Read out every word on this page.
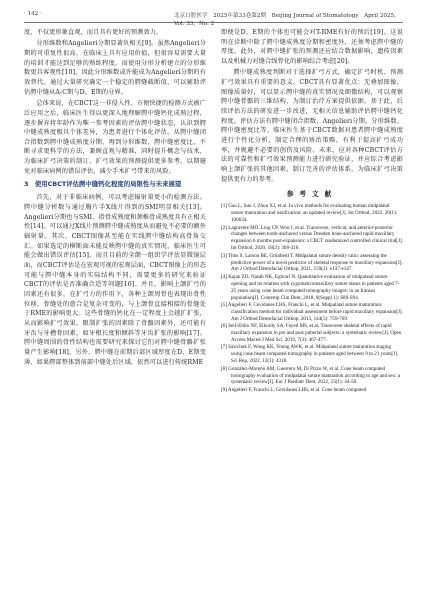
· 142 ·	北京口腔医学　2025年第33卷第2期　Beijing Journal of Stomatology　April 2025，Vol. 33，No. 2

度，不仅更形象直观，而且具有更好的预测效力。

分形维数和Angelieri分期显著负相关[9]。虽然Angelieri分期的可重复性很高，在临床上具有应用价值，但很容易需要大量的培训才能达到足够的熟练程度。而使用分形分析建立的分形维数更具客观性[10]，因此分形维数或许能成为Angelieri分期的有效替代。通过大量研究确定一个稳定的腭缝截断值，可以辅助评估腭中缝从A-C期与D、E期的分界。

总体来说，在CBCT这一非侵入性、方便快捷的检测方式被广泛应用之后，临床医生得以更深入地理解腭中缝钙化成熟过程，逐步摒弃将年龄作为唯一参考因素的评估腭中缝状态，认识到腭中缝成熟度极具个体差异，为患者进行个体化评估。从腭中缝闭合指数到腭中缝成熟度分期、再到分形维数，腭中缝密度比，不断寻求更科学的方法，兼顾直观与精准，同时提升概念与技术，为临床扩弓决策的制订、扩弓效果的预测提供更多参考。以期避免对临床病例的错误评估，减少手术扩弓带来的风险。

3　使用CBCT评估腭中缝钙化程度的局限性与未来展望

首先，对于非临床病例，可以考虑辐射量更小的检测方法。腭中缝分析数与通过胸片手X线片得到的SMI明显相关[13]。Angelieri分期也与SMI、指骨成熟度和颈椎骨成熟度具有正相关性[14]。可以通过X线片预测腭中缝成熟度从而避免不必要的额外辐射量。其次，CBCT图像甚至能在实线腭中缝结构高骨角交汇。如果选定的横断面未能反映腭中缝的真实情况，临床医生可能会做出错误评估[15]。而且目前的全颌一组织学评估显微镜层面，而CBCT评估是在宏观可视的宏观层面，CBCT图像上的形态可能与腭中缝本身的实际结构不同，需要更多的研究来验证CBCT的评估是否准确合适等问题[16]。并且，影响上颌扩弓的因素还有很多，在扩弓力的作用下，各种上颌周骨也表现出骨性位移，骨缝处的愈合是复杂可变的，与上颌骨直接相接的骨缝处于RME的影响更大。这些骨缝的钙化在一定程度上会越扩扩张，从而影响扩弓效果。限制扩张的因素除了骨骼因素外，还可能有牙齿与牙槽骨因素，如牙根长度和倾斜等牙齿扩张的影响[17]。腭中缝周围的骨性结构也需要研究来探讨它们对腭中缝骨骼扩张量产生影响[18]，另外，腭中缝在前期后部区域厚度在D、E期变薄，如果腭部整体到前部中缝处后区域，依然可以进行传统RME

即便是D、E期的个体也可能会对T-RME有好的预后[19]。这说明在诊断中除了腭中缝成熟度分期和密度外，还须考虑腭中缝的厚度。此外，对腭中缝扩张的预测还应结合数据影响，遗传因素以及机械力对缝合线骨化的影响综合考虑[20]。

腭中缝成熟度判断对于选择扩弓方式，确定扩弓时机、预测扩弓效果具有重要的意义。CBCT具有显著优点：无叠加图像，图像质量好，可以显示腭中缝的真实情况及细微结构，可以观察腭中缝骨骼的三维结构，为制订治疗方案提供依据。基于此，后续评估方法的研发进一步改进，无相关信息辅助评估腭中缝钙化程度。评估方法有腭中缝闭合指数、Angelieri分期、分形维数、腭中缝密度比等。临床医生基于CBCT数据对患者腭中缝成熟度进行个性化分析，制定合理的矫治策略，有利于提高扩弓成功率，并规避不必要的创伤及风险。未来，应对各种CBCT评估方法的可靠性和扩弓效果预测能力进行研究验证，并应综合考虑影响上颌扩张的其他因素，制订完善的评估体系，为临床扩弓决策提供更有力的参考。

参考文献
[1] Gao L, Sun J, Zhou XJ, et al. In vivo methods for evaluating human midpalatal suture maturation and ossification: an updated review[J]. Int Orthod, 2022, 20(1): 100634.
[2] Lagravère MO, Ling CP, Woo J, et al. Transverse, vertical, and anterior-posterior changes between tooth-anchored versus Dresden bone-anchored rapid maxillary expansion 6 months post-expansion: a CBCT randomized controlled clinical trial[J]. Int Orthod, 2020, 18(2): 308-316.
[3] Titus S, Larson BE, Grünheid T. Midpalatal suture density ratio: assessing the predictive power of a novel predictor of skeletal response to maxillary expansion[J]. Am J Orthod Dentofacial Orthop, 2021, 159(2): e137-e147.
[4] Kajan ZD, Nasab NK, Eghrari N. Quantitative evaluation of midpalatal suture opening and its relation with zygomaticomaxillary suture status in patients aged 7-25 years using cone beam computed tomography images: in an Iranian population[J]. Contemp Clin Dent, 2018, 9(Suppl 1): S89-S94.
[5] Angelieri F, Cevidanes LHS, Franchi L, et al. Midpalatal suture maturation: classification method for individual assessment before rapid maxillary expansion[J]. Am J Orthod Dentofacial Orthop, 2013, 144(5): 759-769.
[6] Seif-Eldin NF, Elkordy SA, Fayed MS, et al. Transverse skeletal effects of rapid maxillary expansion in pre and post pubertal subjects: a systematic review[J]. Open Access Maced J Med Sci, 2019, 7(3): 467-477.
[7] Sawchuk F, Wong KK, Young AWK, et al. Midpalatal suture maturation staging using cone beam computed tomography in patients aged between 9 to 21 years[J]. Sci Rep, 2022, 12(1): 4318.
[8] González-Moreno AM, Guerrero M, Di Pizzo W, et al. Cone beam computed tomography evaluation of midpalatal suture maturation according to age and sex: a systematic review[J]. Eur J Paediatr Dent, 2022, 23(1): 44-50.
[9] Angelieri F, Franchi L, Cevidanes LHS, et al. Cone beam computed
